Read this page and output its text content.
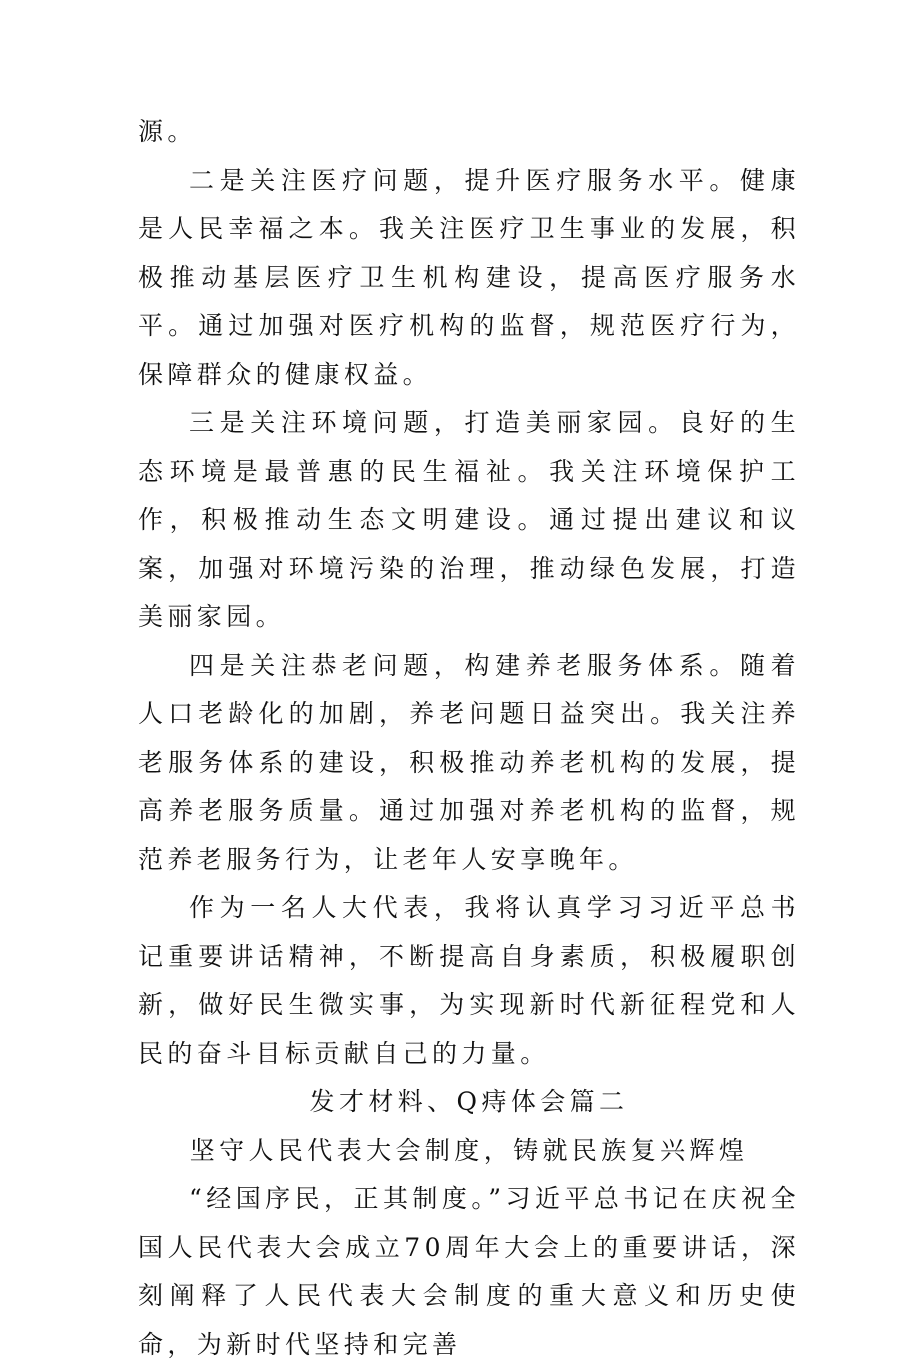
源。

二是关注医疗问题，提升医疗服务水平。健康是人民幸福之本。我关注医疗卫生事业的发展，积极推动基层医疗卫生机构建设，提高医疗服务水平。通过加强对医疗机构的监督，规范医疗行为，保障群众的健康权益。

三是关注环境问题，打造美丽家园。良好的生态环境是最普惠的民生福祉。我关注环境保护工作，积极推动生态文明建设。通过提出建议和议案，加强对环境污染的治理，推动绿色发展，打造美丽家园。

四是关注恭老问题，构建养老服务体系。随着人口老龄化的加剧，养老问题日益突出。我关注养老服务体系的建设，积极推动养老机构的发展，提高养老服务质量。通过加强对养老机构的监督，规范养老服务行为，让老年人安享晚年。

作为一名人大代表，我将认真学习习近平总书记重要讲话精神，不断提高自身素质，积极履职创新，做好民生微实事，为实现新时代新征程党和人民的奋斗目标贡献自己的力量。

发才材料、Q痔体会篇二

坚守人民代表大会制度，铸就民族复兴辉煌

“经国序民，正其制度。”习近平总书记在庆祝全国人民代表大会成立70周年大会上的重要讲话，深刻阐释了人民代表大会制度的重大意义和历史使命，为新时代坚持和完善
